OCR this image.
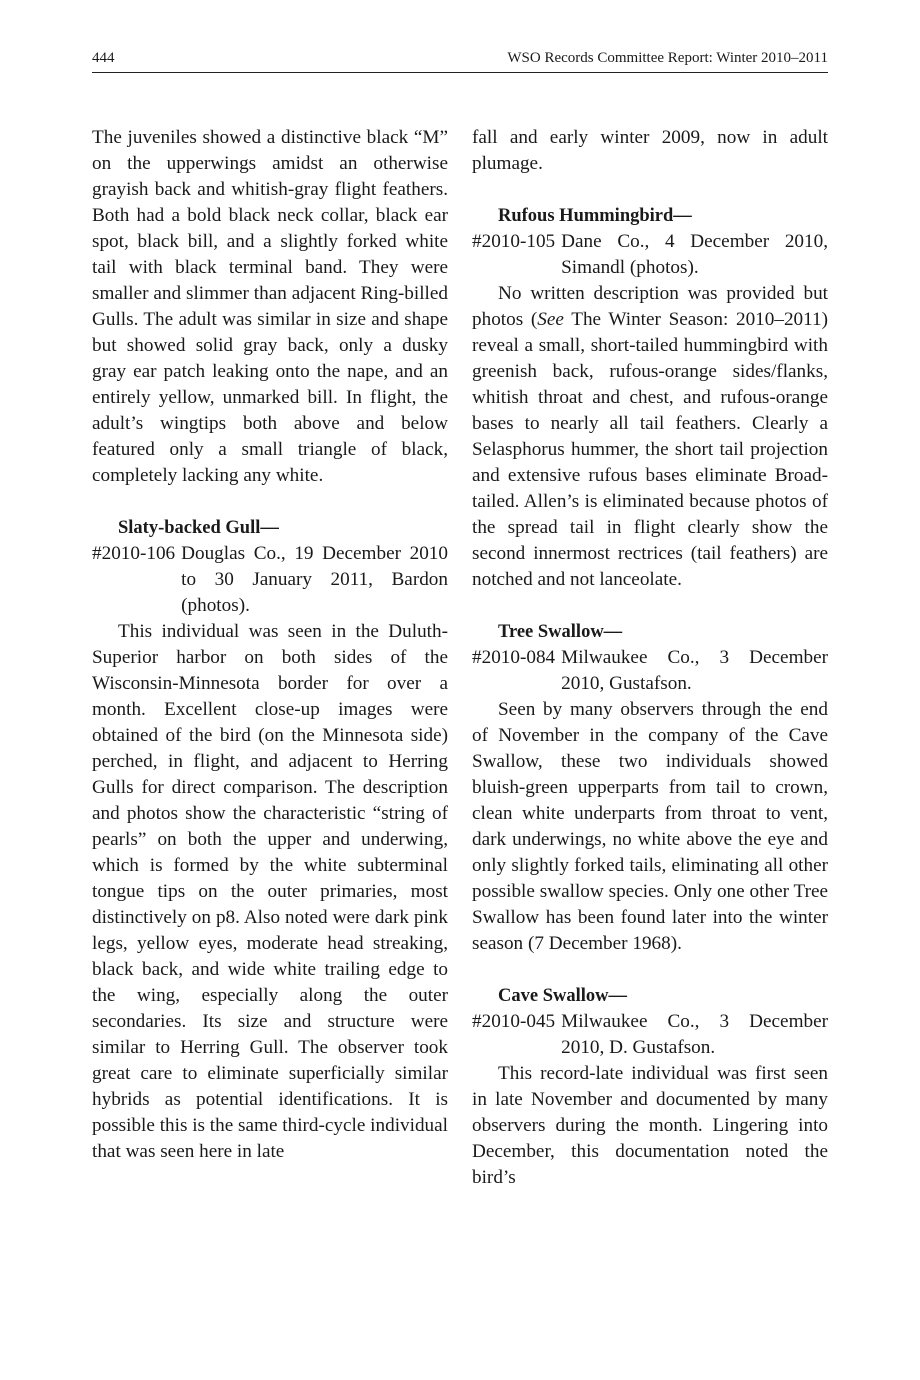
444	WSO Records Committee Report: Winter 2010–2011

The juveniles showed a distinctive black “M” on the upperwings amidst an otherwise grayish back and whitish-gray flight feathers. Both had a bold black neck collar, black ear spot, black bill, and a slightly forked white tail with black terminal band. They were smaller and slimmer than adjacent Ring-billed Gulls. The adult was similar in size and shape but showed solid gray back, only a dusky gray ear patch leaking onto the nape, and an entirely yellow, unmarked bill. In flight, the adult’s wingtips both above and below featured only a small triangle of black, completely lacking any white.

Slaty-backed Gull—
#2010-106 Douglas Co., 19 December 2010 to 30 January 2011, Bardon (photos).

This individual was seen in the Duluth-Superior harbor on both sides of the Wisconsin-Minnesota border for over a month. Excellent close-up images were obtained of the bird (on the Minnesota side) perched, in flight, and adjacent to Herring Gulls for direct comparison. The description and photos show the characteristic “string of pearls” on both the upper and underwing, which is formed by the white subterminal tongue tips on the outer primaries, most distinctively on p8. Also noted were dark pink legs, yellow eyes, moderate head streaking, black back, and wide white trailing edge to the wing, especially along the outer secondaries. Its size and structure were similar to Herring Gull. The observer took great care to eliminate superficially similar hybrids as potential identifications. It is possible this is the same third-cycle individual that was seen here in late

fall and early winter 2009, now in adult plumage.

Rufous Hummingbird—
#2010-105 Dane Co., 4 December 2010, Simandl (photos).

No written description was provided but photos (See The Winter Season: 2010–2011) reveal a small, short-tailed hummingbird with greenish back, rufous-orange sides/flanks, whitish throat and chest, and rufous-orange bases to nearly all tail feathers. Clearly a Selasphorus hummer, the short tail projection and extensive rufous bases eliminate Broad-tailed. Allen’s is eliminated because photos of the spread tail in flight clearly show the second innermost rectrices (tail feathers) are notched and not lanceolate.

Tree Swallow—
#2010-084 Milwaukee Co., 3 December 2010, Gustafson.

Seen by many observers through the end of November in the company of the Cave Swallow, these two individuals showed bluish-green upperparts from tail to crown, clean white underparts from throat to vent, dark underwings, no white above the eye and only slightly forked tails, eliminating all other possible swallow species. Only one other Tree Swallow has been found later into the winter season (7 December 1968).

Cave Swallow—
#2010-045 Milwaukee Co., 3 December 2010, D. Gustafson.

This record-late individual was first seen in late November and documented by many observers during the month. Lingering into December, this documentation noted the bird’s
